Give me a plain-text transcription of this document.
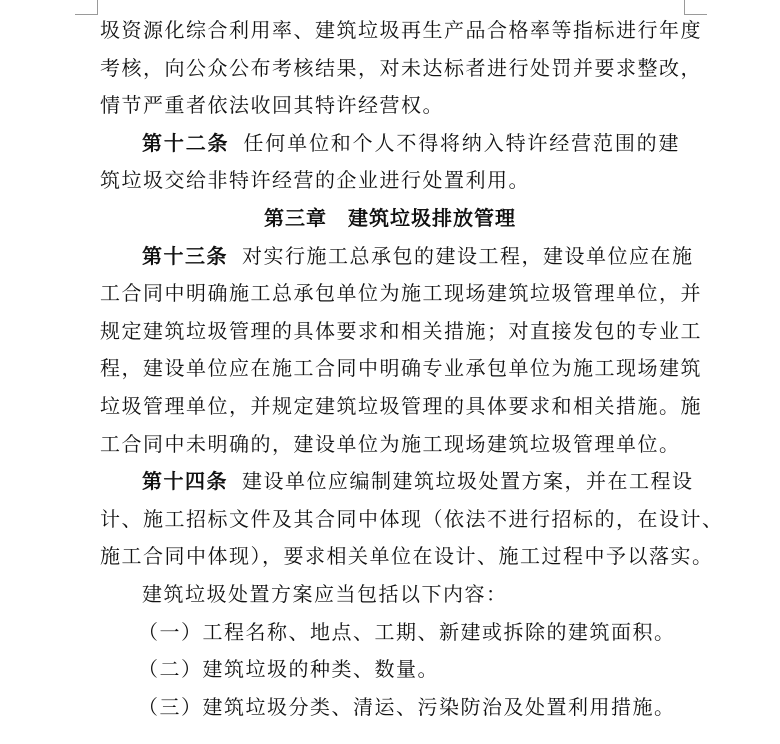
圾资源化综合利用率、建筑垃圾再生产品合格率等指标进行年度
考核，向公众公布考核结果，对未达标者进行处罚并要求整改，
情节严重者依法收回其特许经营权。
第十二条 任何单位和个人不得将纳入特许经营范围的建
筑垃圾交给非特许经营的企业进行处置利用。
第三章　建筑垃圾排放管理
第十三条 对实行施工总承包的建设工程，建设单位应在施
工合同中明确施工总承包单位为施工现场建筑垃圾管理单位，并
规定建筑垃圾管理的具体要求和相关措施；对直接发包的专业工
程，建设单位应在施工合同中明确专业承包单位为施工现场建筑
垃圾管理单位，并规定建筑垃圾管理的具体要求和相关措施。施
工合同中未明确的，建设单位为施工现场建筑垃圾管理单位。
第十四条 建设单位应编制建筑垃圾处置方案，并在工程设
计、施工招标文件及其合同中体现（依法不进行招标的，在设计、
施工合同中体现），要求相关单位在设计、施工过程中予以落实。
建筑垃圾处置方案应当包括以下内容：
（一）工程名称、地点、工期、新建或拆除的建筑面积。
（二）建筑垃圾的种类、数量。
（三）建筑垃圾分类、清运、污染防治及处置利用措施。
